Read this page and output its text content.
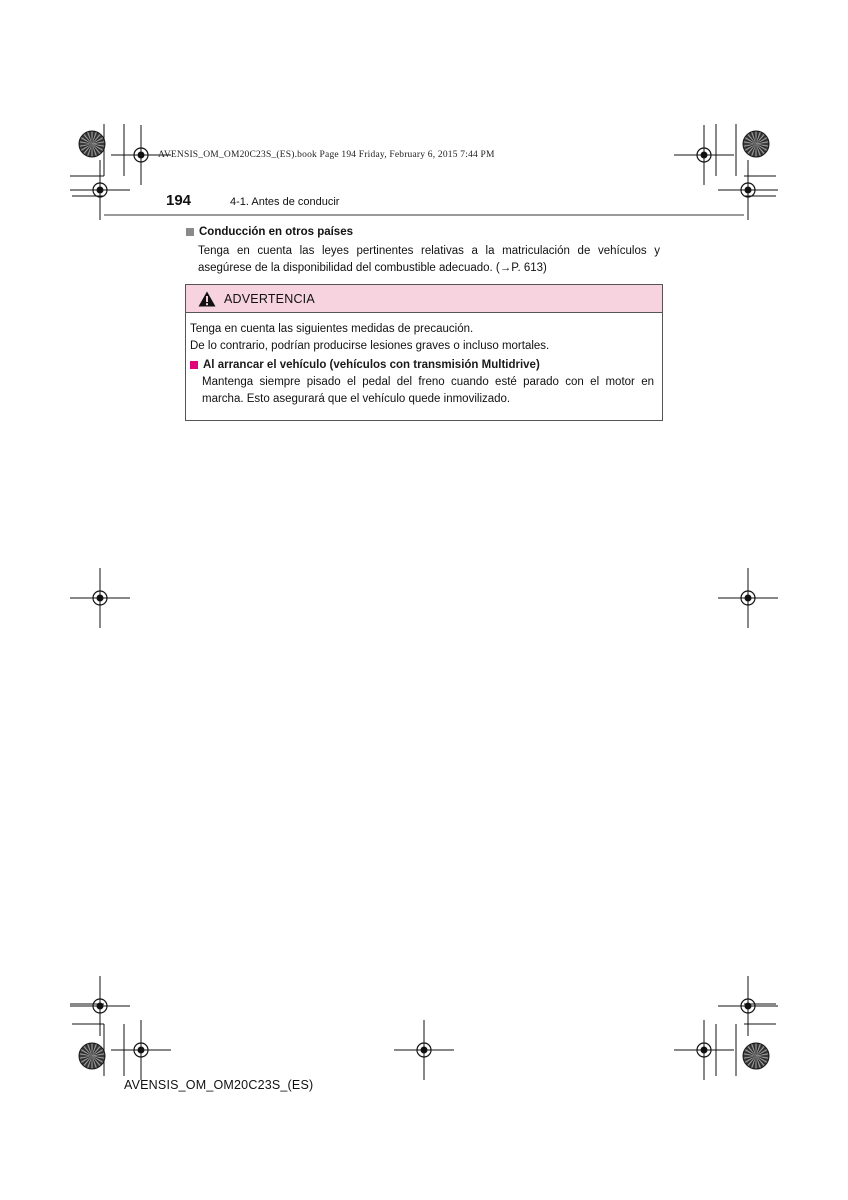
AVENSIS_OM_OM20C23S_(ES).book Page 194 Friday, February 6, 2015 7:44 PM
194	4-1. Antes de conducir
Conducción en otros países
Tenga en cuenta las leyes pertinentes relativas a la matriculación de vehículos y asegúrese de la disponibilidad del combustible adecuado. (→P. 613)
ADVERTENCIA
Tenga en cuenta las siguientes medidas de precaución.
De lo contrario, podrían producirse lesiones graves o incluso mortales.
Al arrancar el vehículo (vehículos con transmisión Multidrive)
Mantenga siempre pisado el pedal del freno cuando esté parado con el motor en marcha. Esto asegurará que el vehículo quede inmovilizado.
AVENSIS_OM_OM20C23S_(ES)
